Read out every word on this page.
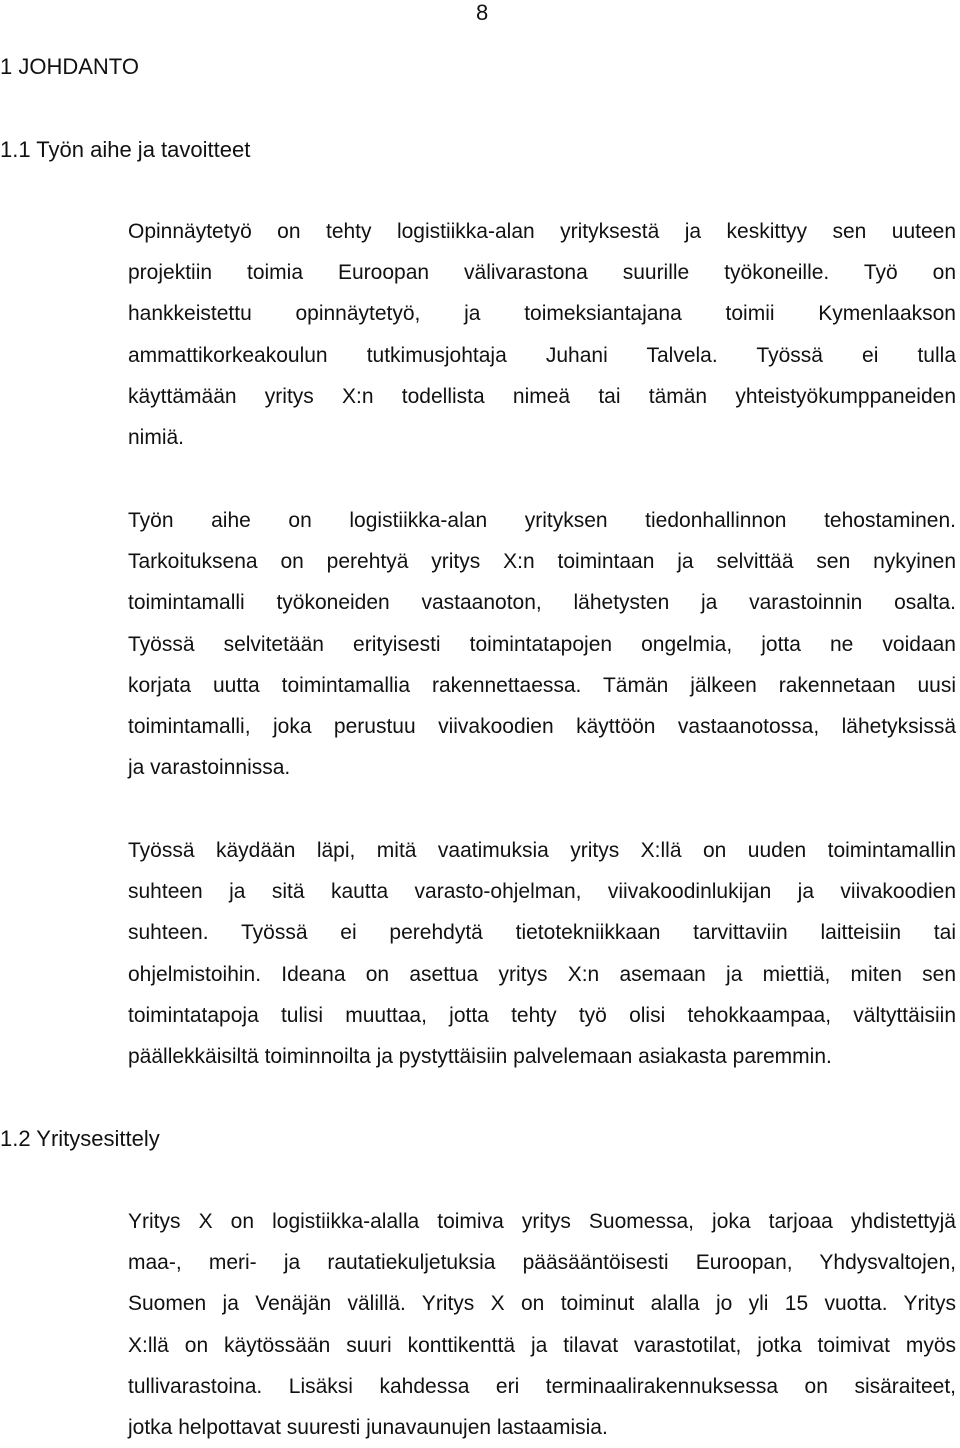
8
1 JOHDANTO
1.1 Työn aihe ja tavoitteet
Opinnäytetyö on tehty logistiikka-alan yrityksestä ja keskittyy sen uuteen
projektiin toimia Euroopan välivarastona suurille työkoneille. Työ on
hankkeistettu opinnäytetyö, ja toimeksiantajana toimii Kymenlaakson
ammattikorkeakoulun tutkimusjohtaja Juhani Talvela. Työssä ei tulla
käyttämään yritys X:n todellista nimeä tai tämän yhteistyökumppaneiden
nimiä.
Työn aihe on logistiikka-alan yrityksen tiedonhallinnon tehostaminen.
Tarkoituksena on perehtyä yritys X:n toimintaan ja selvittää sen nykyinen
toimintamalli työkoneiden vastaanoton, lähetysten ja varastoinnin osalta.
Työssä selvitetään erityisesti toimintatapojen ongelmia, jotta ne voidaan
korjata uutta toimintamallia rakennettaessa. Tämän jälkeen rakennetaan uusi
toimintamalli, joka perustuu viivakoodien käyttöön vastaanotossa, lähetyksissä
ja varastoinnissa.
Työssä käydään läpi, mitä vaatimuksia yritys X:llä on uuden toimintamallin
suhteen ja sitä kautta varasto-ohjelman, viivakoodinlukijan ja viivakoodien
suhteen. Työssä ei perehdytä tietotekniikkaan tarvittaviin laitteisiin tai
ohjelmistoihin. Ideana on asettua yritys X:n asemaan ja miettiä, miten sen
toimintatapoja tulisi muuttaa, jotta tehty työ olisi tehokkaampaa, vältyttäisiin
päällekkäisiltä toiminnoilta ja pystyttäisiin palvelemaan asiakasta paremmin.
1.2 Yritysesittely
Yritys X on logistiikka-alalla toimiva yritys Suomessa, joka tarjoaa yhdistettyjä
maa-, meri- ja rautatiekuljetuksia pääsääntöisesti Euroopan, Yhdysvaltojen,
Suomen ja Venäjän välillä. Yritys X on toiminut alalla jo yli 15 vuotta. Yritys
X:llä on käytössään suuri konttikenttä ja tilavat varastotilat, jotka toimivat myös
tullivarastoina. Lisäksi kahdessa eri terminaalirakennuksessa on sisäraiteet,
jotka helpottavat suuresti junavaunujen lastaamisia.
